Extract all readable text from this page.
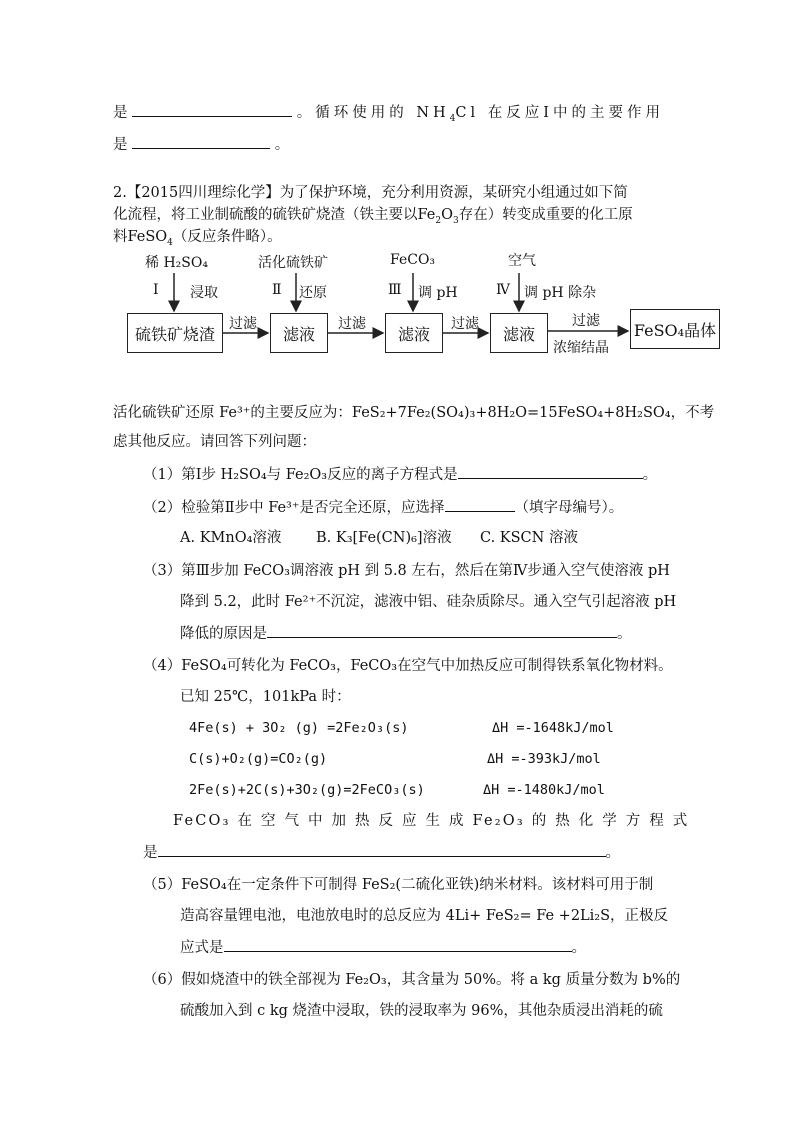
是	。循环使用的 $NH_4Cl$ 在反应Ⅰ中的主要作用
是	。
2.【2015四川理综化学】为了保护环境，充分利用资源，某研究小组通过如下简
化流程，将工业制硫酸的硫铁矿烧渣（铁主要以$Fe_2O_3$存在）转变成重要的化工原
料FeSO$_4$（反应条件略）。
稀 H₂SO₄	活化硫铁矿	FeCO₃	空气
Ⅰ 浸取	Ⅱ 还原	Ⅲ 调 pH	Ⅳ 调 pH 除杂
硫铁矿烧渣	滤液	滤液	滤液	FeSO₄晶体
过滤	过滤	过滤	过滤
浓缩结晶
活化硫铁矿还原 Fe³⁺的主要反应为：FeS₂+7Fe₂(SO₄)₃+8H₂O=15FeSO₄+8H₂SO₄，不考
虑其他反应。请回答下列问题：
（1）第Ⅰ步 H₂SO₄与 Fe₂O₃反应的离子方程式是	。
（2）检验第Ⅱ步中 Fe³⁺是否完全还原，应选择	（填字母编号）。
A. KMnO₄溶液 B. K₃[Fe(CN)₆]溶液 C. KSCN 溶液
（3）第Ⅲ步加 FeCO₃调溶液 pH 到 5.8 左右，然后在第Ⅳ步通入空气使溶液 pH
降到 5.2，此时 Fe²⁺不沉淀，滤液中铝、硅杂质除尽。通入空气引起溶液 pH
降低的原因是	。
（4）FeSO₄可转化为 FeCO₃，FeCO₃在空气中加热反应可制得铁系氧化物材料。
已知 25℃，101kPa 时：
4Fe(s) + 3O₂ (g) =2Fe₂O₃(s)	ΔH =-1648kJ/mol
C(s)+O₂(g)=CO₂(g)	ΔH =-393kJ/mol
2Fe(s)+2C(s)+3O₂(g)=2FeCO₃(s)	ΔH =-1480kJ/mol
FeCO₃ 在 空 气 中 加 热 反 应 生 成 Fe₂O₃ 的 热 化 学 方 程 式
是	。
（5）FeSO₄在一定条件下可制得 FeS₂(二硫化亚铁)纳米材料。该材料可用于制
造高容量锂电池，电池放电时的总反应为 4Li+ FeS₂= Fe +2Li₂S，正极反
应式是	。
（6）假如烧渣中的铁全部视为 Fe₂O₃，其含量为 50%。将 a kg 质量分数为 b%的
硫酸加入到 c kg 烧渣中浸取，铁的浸取率为 96%，其他杂质浸出消耗的硫
